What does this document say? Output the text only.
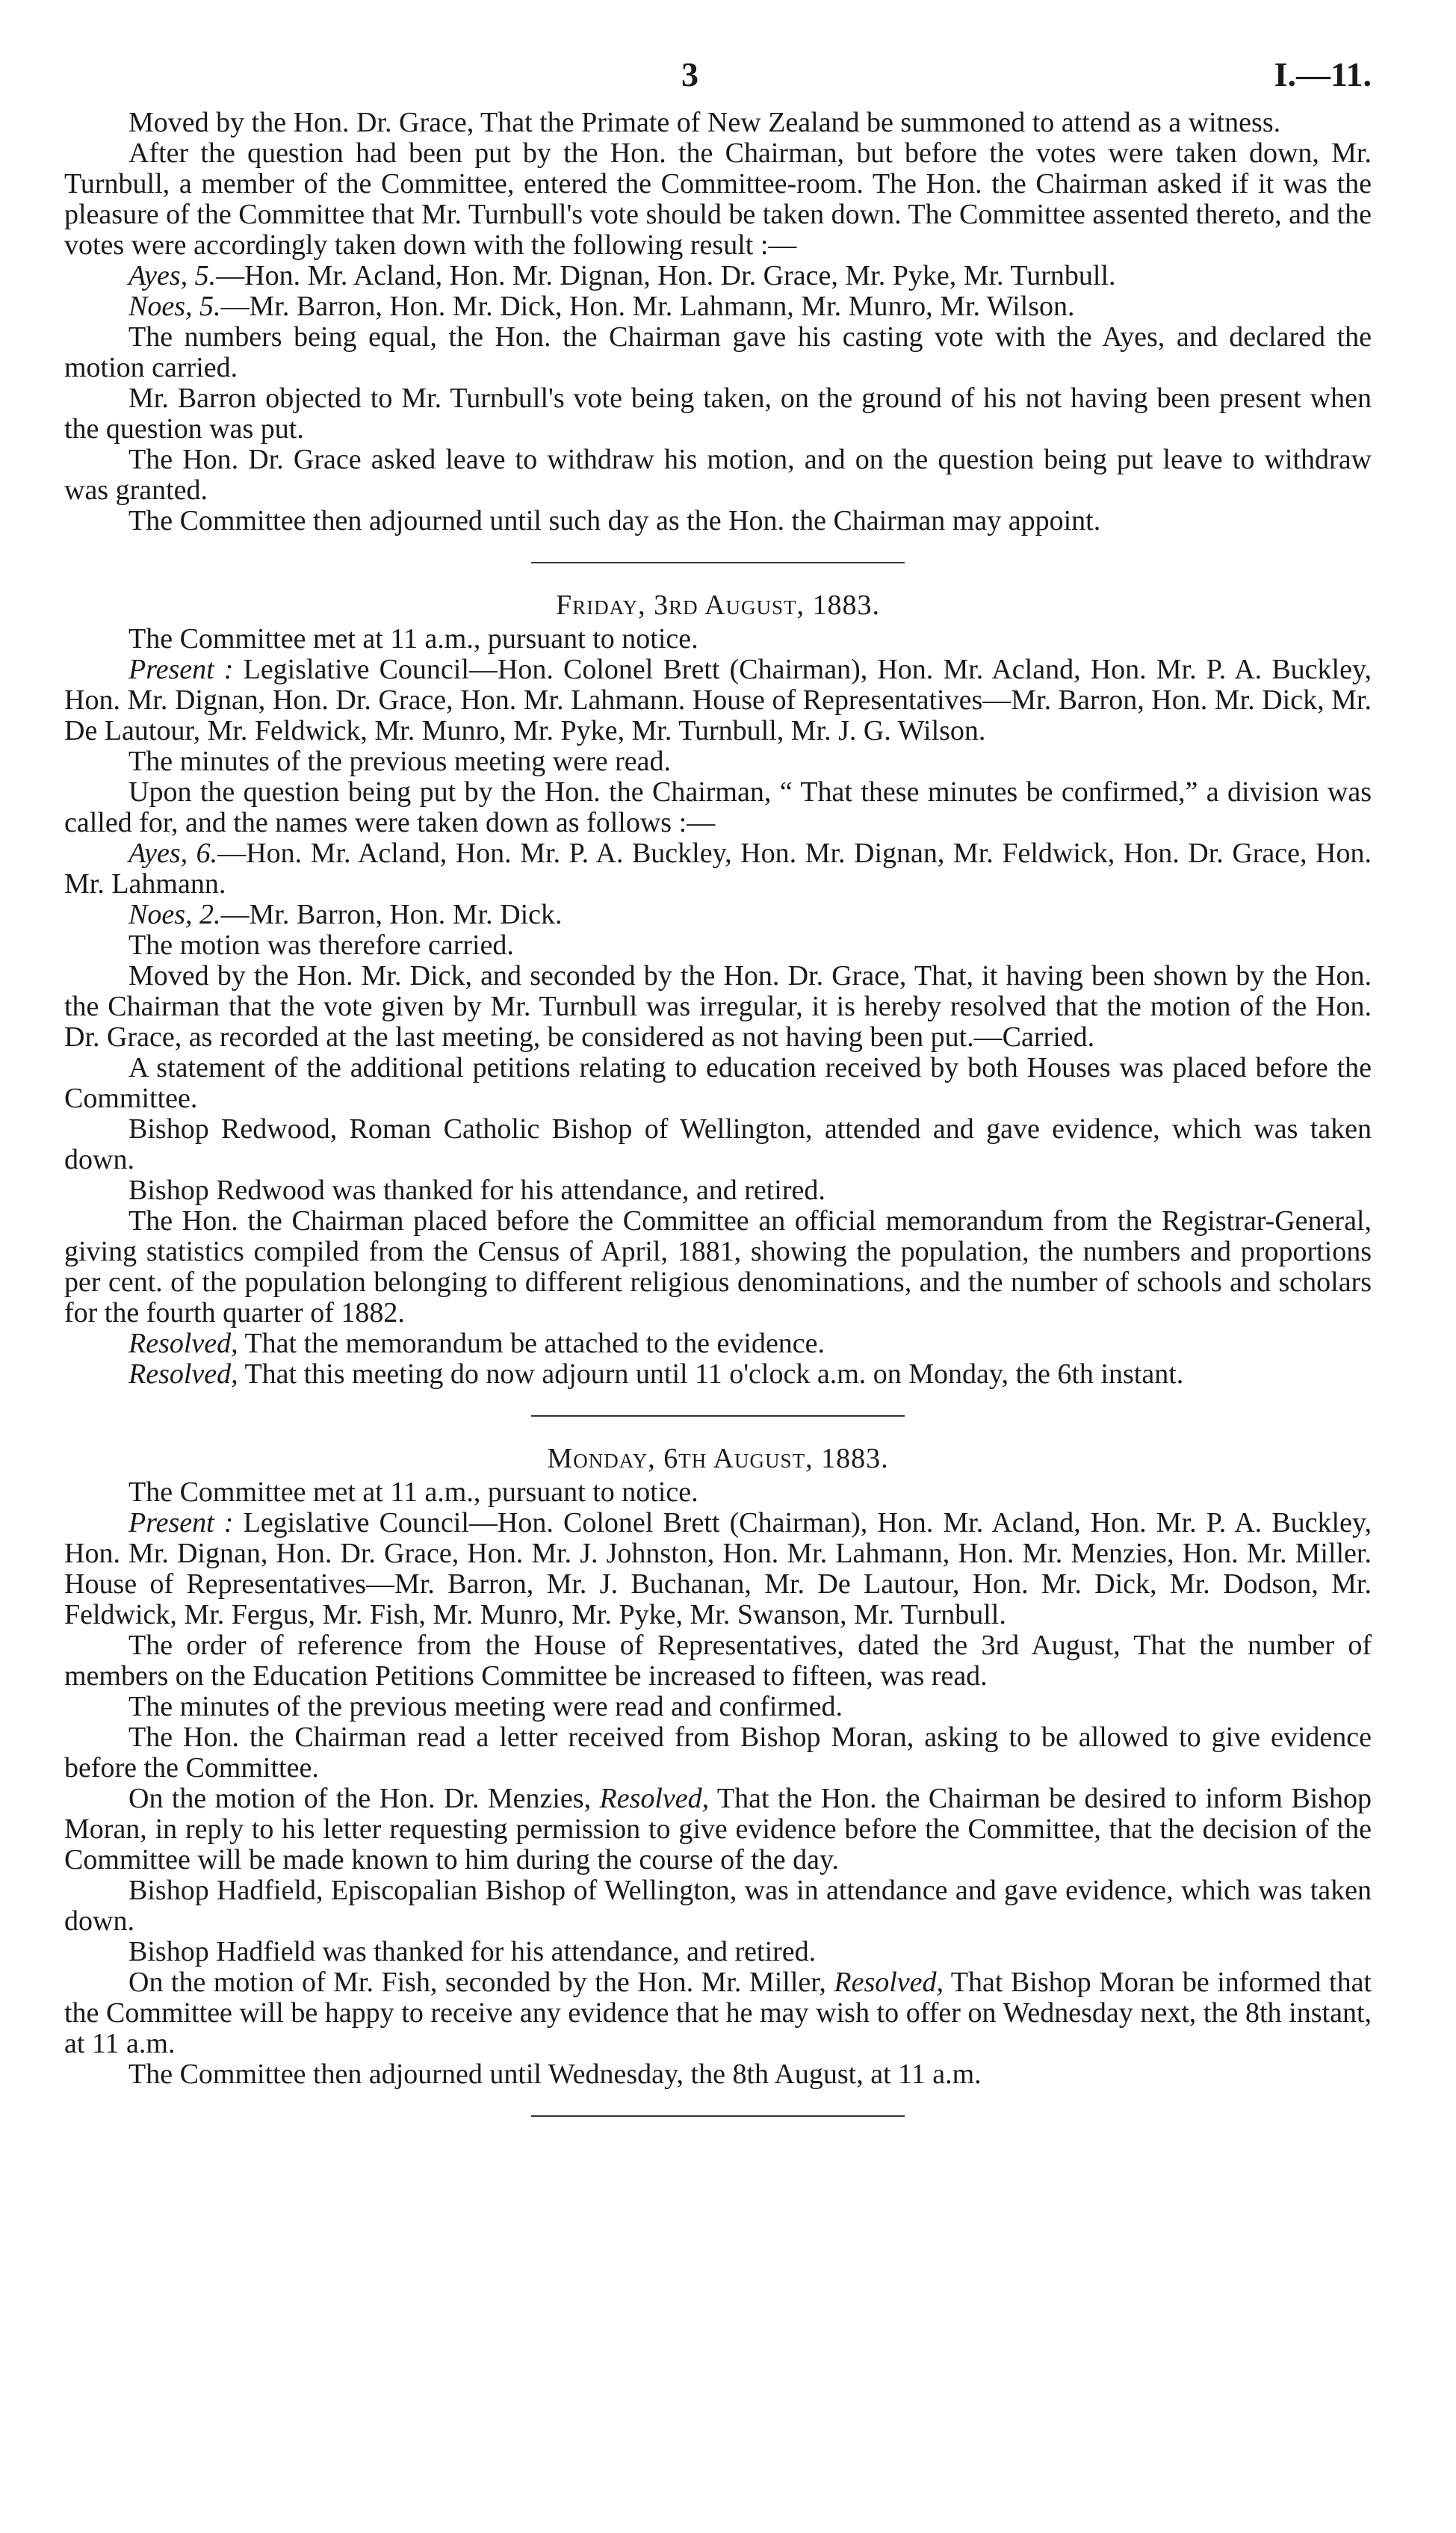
3	I.—11.

Moved by the Hon. Dr. Grace, That the Primate of New Zealand be summoned to attend as a witness.

After the question had been put by the Hon. the Chairman, but before the votes were taken down, Mr. Turnbull, a member of the Committee, entered the Committee-room. The Hon. the Chairman asked if it was the pleasure of the Committee that Mr. Turnbull's vote should be taken down. The Committee assented thereto, and the votes were accordingly taken down with the following result :—

Ayes, 5.—Hon. Mr. Acland, Hon. Mr. Dignan, Hon. Dr. Grace, Mr. Pyke, Mr. Turnbull.

Noes, 5.—Mr. Barron, Hon. Mr. Dick, Hon. Mr. Lahmann, Mr. Munro, Mr. Wilson.

The numbers being equal, the Hon. the Chairman gave his casting vote with the Ayes, and declared the motion carried.

Mr. Barron objected to Mr. Turnbull's vote being taken, on the ground of his not having been present when the question was put.

The Hon. Dr. Grace asked leave to withdraw his motion, and on the question being put leave to withdraw was granted.

The Committee then adjourned until such day as the Hon. the Chairman may appoint.

Friday, 3rd August, 1883.

The Committee met at 11 a.m., pursuant to notice.

Present : Legislative Council—Hon. Colonel Brett (Chairman), Hon. Mr. Acland, Hon. Mr. P. A. Buckley, Hon. Mr. Dignan, Hon. Dr. Grace, Hon. Mr. Lahmann. House of Representatives—Mr. Barron, Hon. Mr. Dick, Mr. De Lautour, Mr. Feldwick, Mr. Munro, Mr. Pyke, Mr. Turnbull, Mr. J. G. Wilson.

The minutes of the previous meeting were read.

Upon the question being put by the Hon. the Chairman, “ That these minutes be confirmed,” a division was called for, and the names were taken down as follows :—

Ayes, 6.—Hon. Mr. Acland, Hon. Mr. P. A. Buckley, Hon. Mr. Dignan, Mr. Feldwick, Hon. Dr. Grace, Hon. Mr. Lahmann.

Noes, 2.—Mr. Barron, Hon. Mr. Dick.

The motion was therefore carried.

Moved by the Hon. Mr. Dick, and seconded by the Hon. Dr. Grace, That, it having been shown by the Hon. the Chairman that the vote given by Mr. Turnbull was irregular, it is hereby resolved that the motion of the Hon. Dr. Grace, as recorded at the last meeting, be considered as not having been put.—Carried.

A statement of the additional petitions relating to education received by both Houses was placed before the Committee.

Bishop Redwood, Roman Catholic Bishop of Wellington, attended and gave evidence, which was taken down.

Bishop Redwood was thanked for his attendance, and retired.

The Hon. the Chairman placed before the Committee an official memorandum from the Registrar-General, giving statistics compiled from the Census of April, 1881, showing the population, the numbers and proportions per cent. of the population belonging to different religious denominations, and the number of schools and scholars for the fourth quarter of 1882.

Resolved, That the memorandum be attached to the evidence.

Resolved, That this meeting do now adjourn until 11 o'clock a.m. on Monday, the 6th instant.

Monday, 6th August, 1883.

The Committee met at 11 a.m., pursuant to notice.

Present : Legislative Council—Hon. Colonel Brett (Chairman), Hon. Mr. Acland, Hon. Mr. P. A. Buckley, Hon. Mr. Dignan, Hon. Dr. Grace, Hon. Mr. J. Johnston, Hon. Mr. Lahmann, Hon. Mr. Menzies, Hon. Mr. Miller. House of Representatives—Mr. Barron, Mr. J. Buchanan, Mr. De Lautour, Hon. Mr. Dick, Mr. Dodson, Mr. Feldwick, Mr. Fergus, Mr. Fish, Mr. Munro, Mr. Pyke, Mr. Swanson, Mr. Turnbull.

The order of reference from the House of Representatives, dated the 3rd August, That the number of members on the Education Petitions Committee be increased to fifteen, was read.

The minutes of the previous meeting were read and confirmed.

The Hon. the Chairman read a letter received from Bishop Moran, asking to be allowed to give evidence before the Committee.

On the motion of the Hon. Dr. Menzies, Resolved, That the Hon. the Chairman be desired to inform Bishop Moran, in reply to his letter requesting permission to give evidence before the Committee, that the decision of the Committee will be made known to him during the course of the day.

Bishop Hadfield, Episcopalian Bishop of Wellington, was in attendance and gave evidence, which was taken down.

Bishop Hadfield was thanked for his attendance, and retired.

On the motion of Mr. Fish, seconded by the Hon. Mr. Miller, Resolved, That Bishop Moran be informed that the Committee will be happy to receive any evidence that he may wish to offer on Wednesday next, the 8th instant, at 11 a.m.

The Committee then adjourned until Wednesday, the 8th August, at 11 a.m.
